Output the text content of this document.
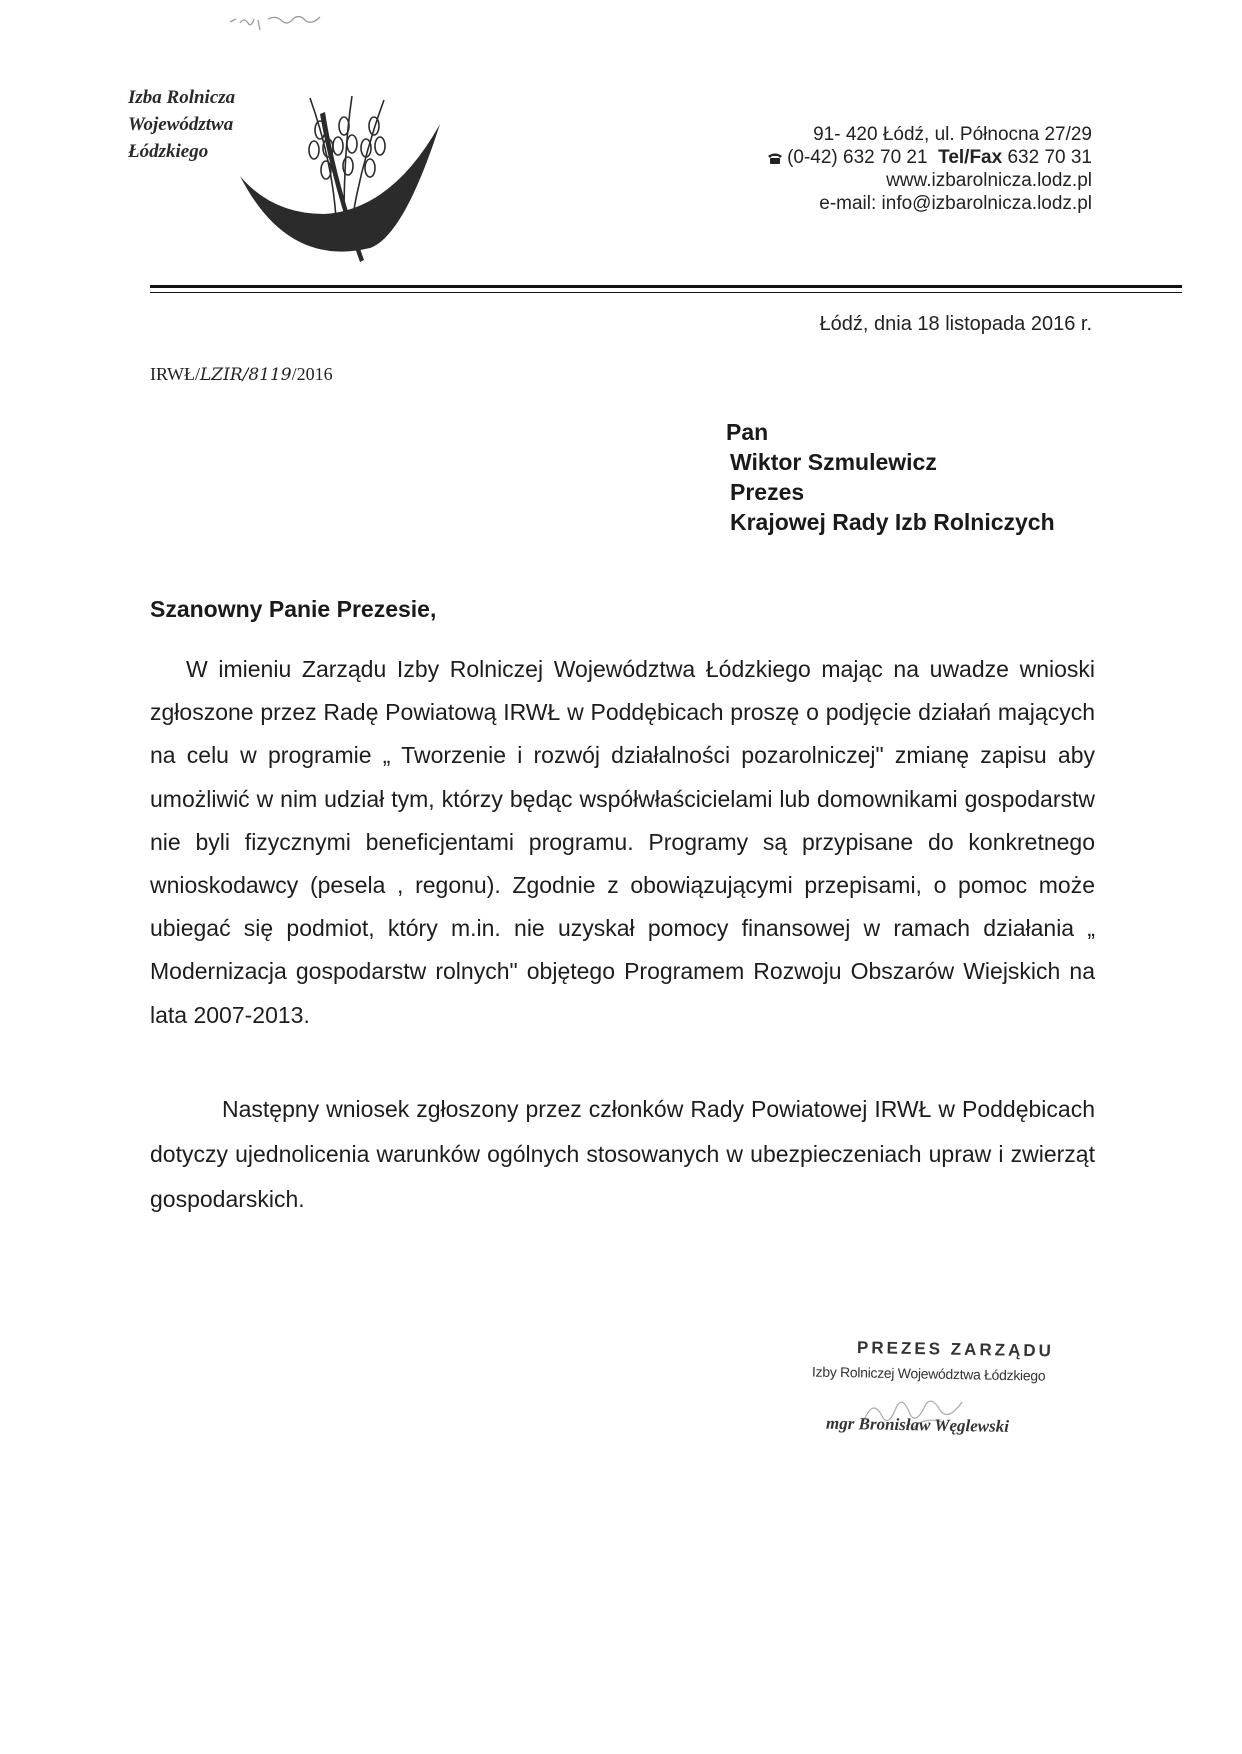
Izba Rolnicza
Województwa
Łódzkiego
91- 420 Łódź, ul. Północna 27/29
(0-42) 632 70 21 Tel/Fax 632 70 31
www.izbarolnicza.lodz.pl
e-mail: info@izbarolnicza.lodz.pl
Łódź, dnia 18 listopada 2016 r.
IRWŁ/LZIR/8119/2016
Pan
Wiktor Szmulewicz
Prezes
Krajowej Rady Izb Rolniczych
Szanowny Panie Prezesie,
W imieniu Zarządu Izby Rolniczej Województwa Łódzkiego mając na uwadze wnioski zgłoszone przez Radę Powiatową IRWŁ w Poddębicach proszę o podjęcie działań mających na celu w programie „ Tworzenie i rozwój działalności pozarolniczej" zmianę zapisu aby umożliwić w nim udział tym, którzy będąc współwłaścicielami lub domownikami gospodarstw nie byli fizycznymi beneficjentami programu. Programy są przypisane do konkretnego wnioskodawcy (pesela , regonu). Zgodnie z obowiązującymi przepisami, o pomoc może ubiegać się podmiot, który m.in. nie uzyskał pomocy finansowej w ramach działania „ Modernizacja gospodarstw rolnych" objętego Programem Rozwoju Obszarów Wiejskich na lata 2007-2013.
Następny wniosek zgłoszony przez członków Rady Powiatowej IRWŁ w Poddębicach dotyczy ujednolicenia warunków ogólnych stosowanych w ubezpieczeniach upraw i zwierząt gospodarskich.
PREZES ZARZĄDU
Izby Rolniczej Województwa Łódzkiego
mgr Bronisław Węglewski
